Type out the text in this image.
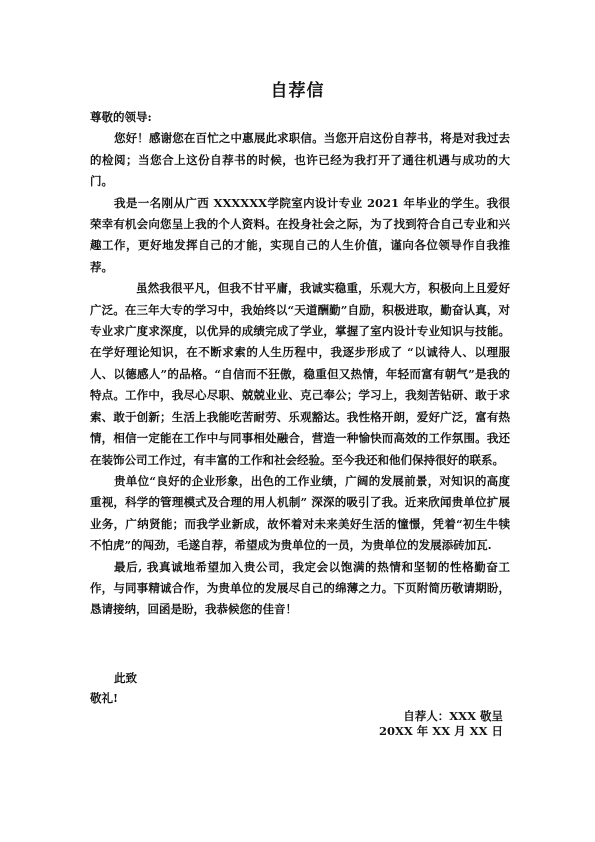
自荐信

尊敬的领导:

您好！感谢您在百忙之中惠展此求职信。当您开启这份自荐书，将是对我过去的检阅；当您合上这份自荐书的时候，也许已经为我打开了通往机遇与成功的大门。

我是一名刚从广西 XXXXXX学院室内设计专业 2021 年毕业的学生。我很荣幸有机会向您呈上我的个人资料。在投身社会之际，为了找到符合自己专业和兴趣工作，更好地发挥自己的才能，实现自己的人生价值，谨向各位领导作自我推荐。

虽然我很平凡，但我不甘平庸，我诚实稳重，乐观大方，积极向上且爱好广泛。在三年大专的学习中，我始终以“天道酬勤”自励，积极进取，勤奋认真，对专业求广度求深度，以优异的成绩完成了学业，掌握了室内设计专业知识与技能。在学好理论知识，在不断求索的人生历程中，我逐步形成了 “以诚待人、以理服人、以德感人”的品格。“自信而不狂傲，稳重但又热情，年轻而富有朝气”是我的特点。工作中，我尽心尽职、兢兢业业、克己奉公；学习上，我刻苦钻研、敢于求索、敢于创新；生活上我能吃苦耐劳、乐观豁达。我性格开朗，爱好广泛，富有热情，相信一定能在工作中与同事相处融合，营造一种愉快而高效的工作氛围。我还在装饰公司工作过，有丰富的工作和社会经验。至今我还和他们保持很好的联系。

贵单位“良好的企业形象，出色的工作业绩，广阔的发展前景，对知识的高度重视，科学的管理模式及合理的用人机制” 深深的吸引了我。近来欣闻贵单位扩展业务，广纳贤能；而我学业新成，故怀着对未来美好生活的憧憬，凭着“初生牛犊不怕虎”的闯劲，毛遂自荐，希望成为贵单位的一员，为贵单位的发展添砖加瓦.

最后, 我真诚地希望加入贵公司，我定会以饱满的热情和坚韧的性格勤奋工作，与同事精诚合作，为贵单位的发展尽自己的绵薄之力。下页附简历敬请期盼，恳请接纳，回函是盼，我恭候您的佳音！

此致
敬礼!
自荐人：XXX 敬呈
20XX 年 XX 月 XX 日
